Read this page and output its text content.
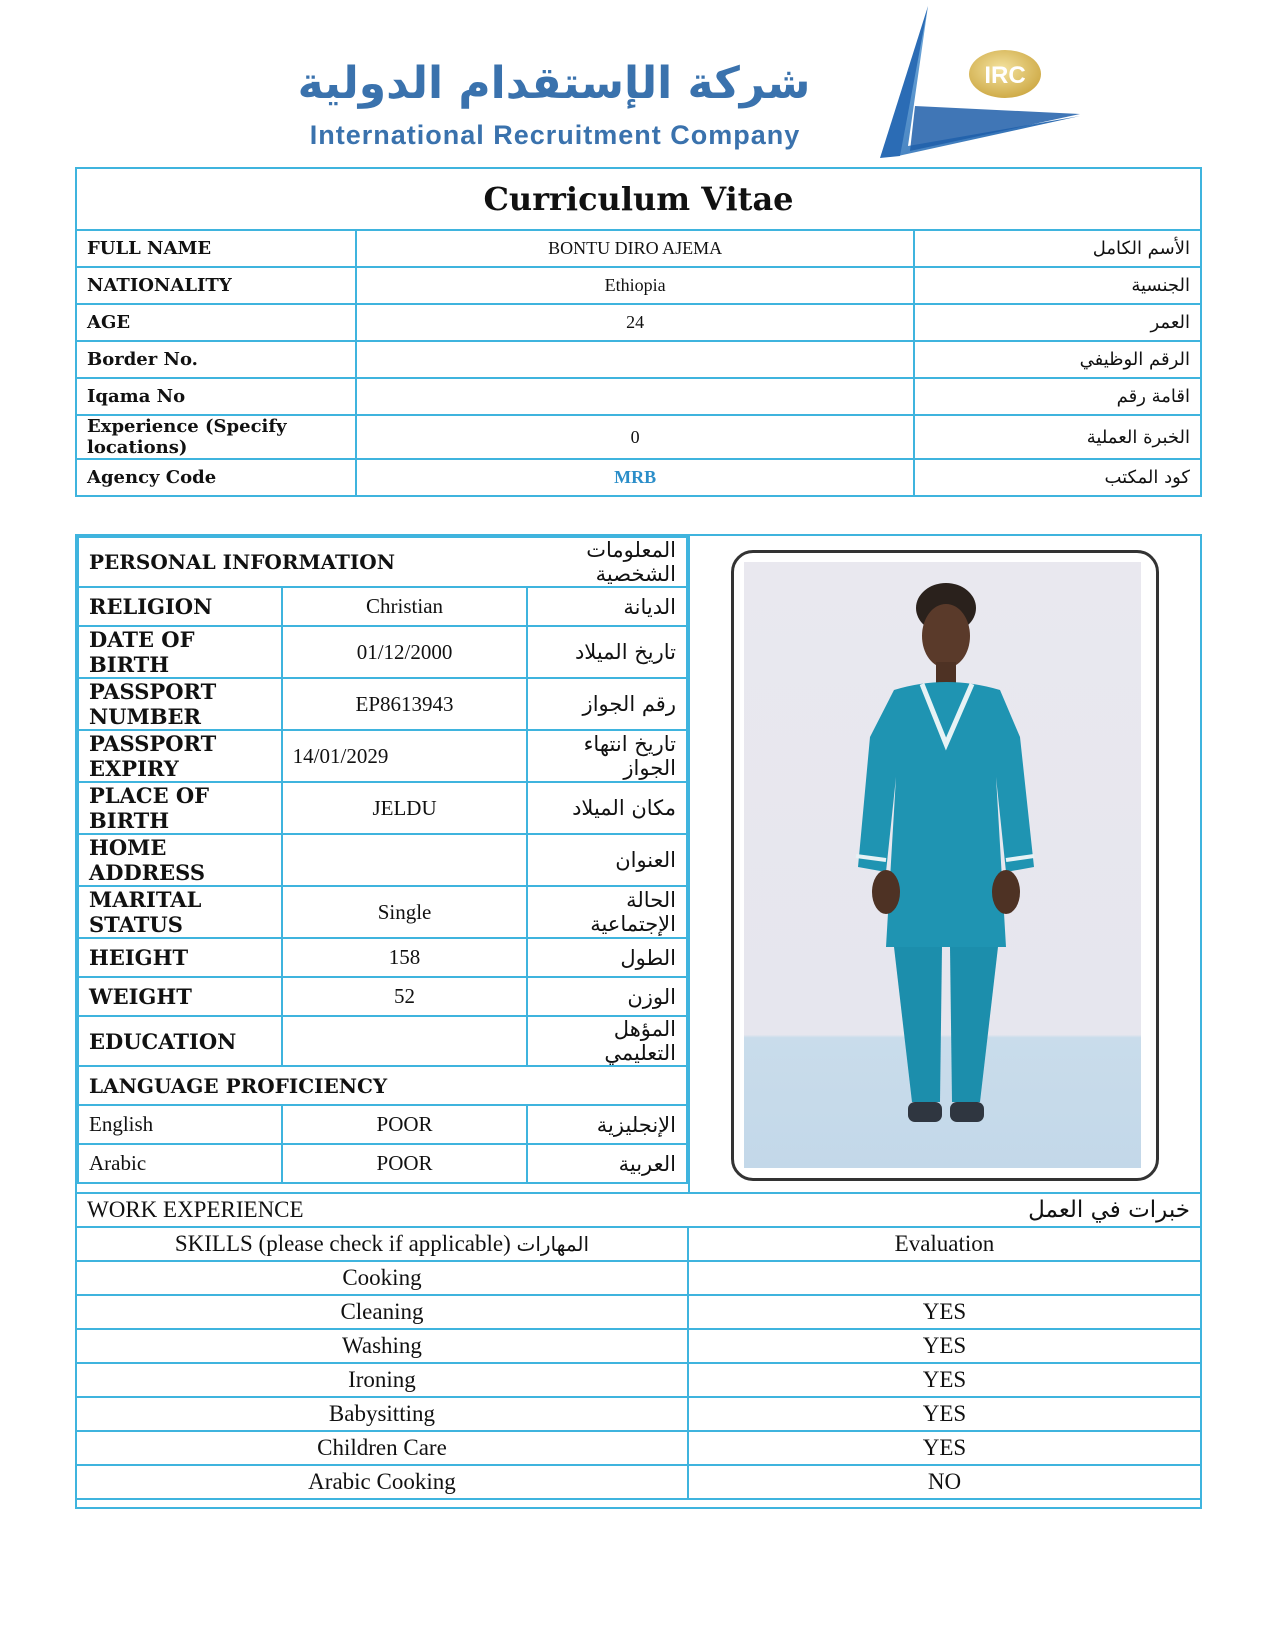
شركة الإستقدام الدولية
International Recruitment Company
IRC
Curriculum Vitae		
FULL NAME	BONTU DIRO AJEMA	الأسم الكامل
NATIONALITY	Ethiopia	الجنسية
AGE	24	العمر
Border No.		الرقم الوظيفي
Iqama No		اقامة رقم
Experience (Specify locations)	0	الخبرة العملية
Agency Code	MRB	كود المكتب
PERSONAL INFORMATION		المعلومات الشخصية
RELIGION	Christian	الديانة
DATE OF BIRTH	01/12/2000	تاريخ الميلاد
PASSPORT NUMBER	EP8613943	رقم الجواز
PASSPORT EXPIRY	14/01/2029	تاريخ انتهاء الجواز
PLACE OF BIRTH	JELDU	مكان الميلاد
HOME ADDRESS		العنوان
MARITAL STATUS	Single	الحالة الإجتماعية
HEIGHT	158	الطول
WEIGHT	52	الوزن
EDUCATION		المؤهل التعليمي
LANGUAGE PROFICIENCY		
English	POOR	الإنجليزية
Arabic	POOR	العربية
WORK EXPERIENCE	خبرات في العمل
SKILLS (please check if applicable) المهارات	Evaluation
Cooking	
Cleaning	YES
Washing	YES
Ironing	YES
Babysitting	YES
Children Care	YES
Arabic Cooking	NO
